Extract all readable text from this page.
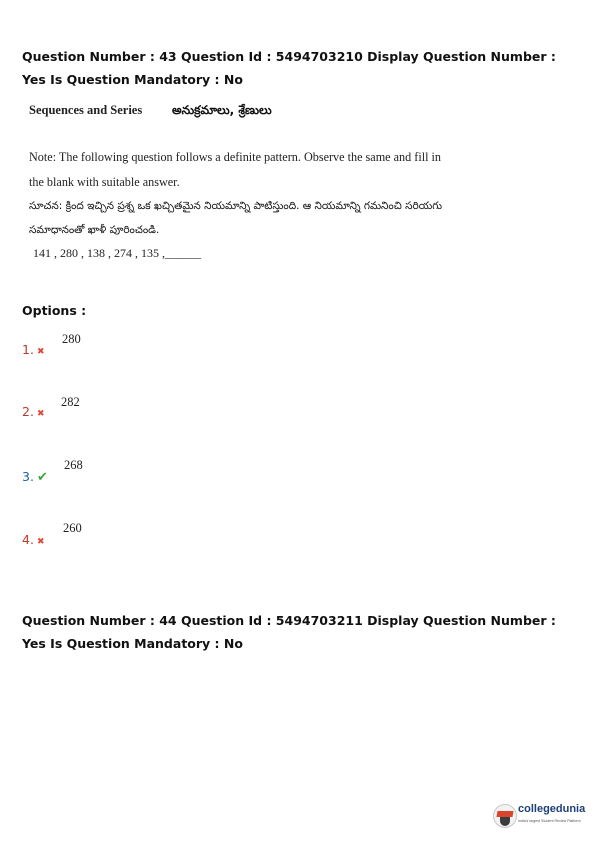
Question Number : 43 Question Id : 5494703210 Display Question Number : Yes Is Question Mandatory : No
Sequences and Series అనుక్రమాలు, శ్రేణులు
Note: The following question follows a definite pattern. Observe the same and fill in the blank with suitable answer.
సూచన: క్రింద ఇచ్చిన ప్రశ్న ఒక ఖచ్చితమైన నియమాన్ని పాటిస్తుంది. ఆ నియమాన్ని గమనించి సరియగు సమాధానంతో ఖాళీ పూరించండి.
141 , 280 , 138 , 274 , 135 ,______
Options :
1. ✖
280
2. ✖
282
3. ✔
268
4. ✖
260
Question Number : 44 Question Id : 5494703211 Display Question Number : Yes Is Question Mandatory : No
collegedunia
India's largest Student Review Platform
